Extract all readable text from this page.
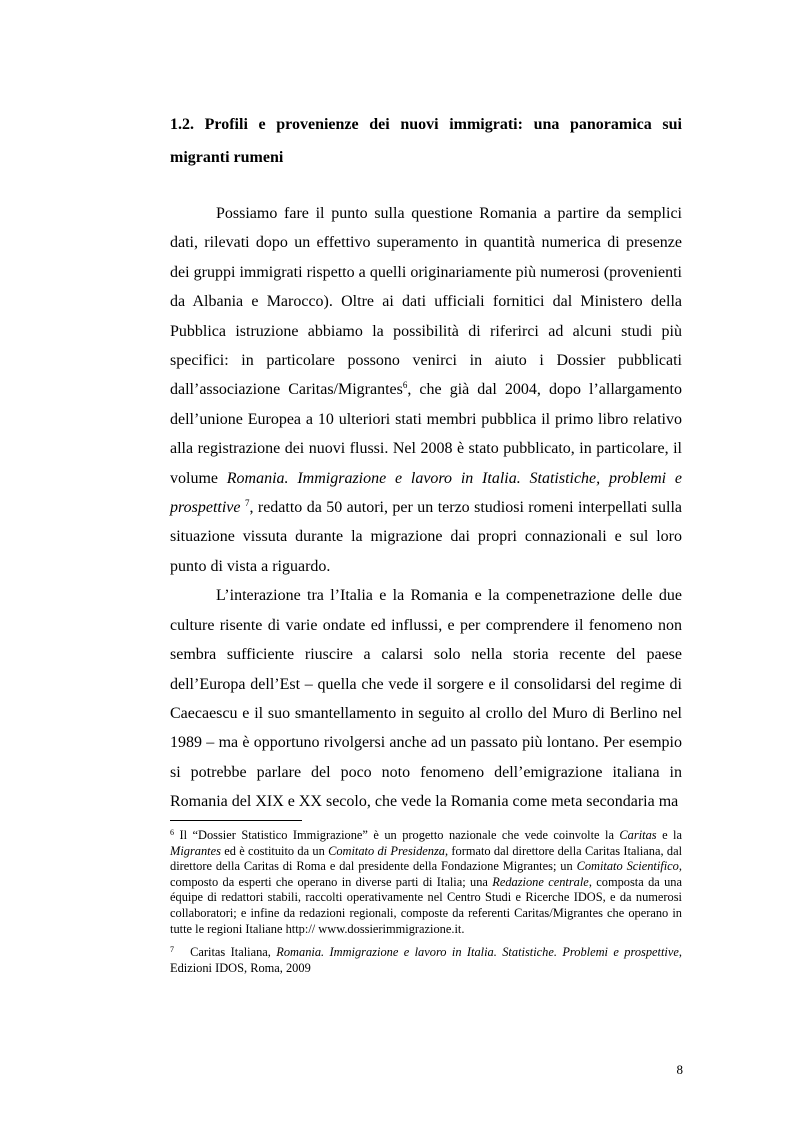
1.2. Profili e provenienze dei nuovi immigrati: una panoramica sui
migranti rumeni

Possiamo fare il punto sulla questione Romania a partire da semplici dati, rilevati dopo un effettivo superamento in quantità numerica di presenze dei gruppi immigrati rispetto a quelli originariamente più numerosi (provenienti da Albania e Marocco). Oltre ai dati ufficiali fornitici dal Ministero della Pubblica istruzione abbiamo la possibilità di riferirci ad alcuni studi più specifici: in particolare possono venirci in aiuto i Dossier pubblicati dall’associazione Caritas/Migrantes$^6$, che già dal 2004, dopo l’allargamento dell’unione Europea a 10 ulteriori stati membri pubblica il primo libro relativo alla registrazione dei nuovi flussi. Nel 2008 è stato pubblicato, in particolare, il volume Romania. Immigrazione e lavoro in Italia. Statistiche, problemi e prospettive $^7$, redatto da 50 autori, per un terzo studiosi romeni interpellati sulla situazione vissuta durante la migrazione dai propri connazionali e sul loro punto di vista a riguardo.

L’interazione tra l’Italia e la Romania e la compenetrazione delle due culture risente di varie ondate ed influssi, e per comprendere il fenomeno non sembra sufficiente riuscire a calarsi solo nella storia recente del paese dell’Europa dell’Est – quella che vede il sorgere e il consolidarsi del regime di Caecaescu e il suo smantellamento in seguito al crollo del Muro di Berlino nel 1989 – ma è opportuno rivolgersi anche ad un passato più lontano. Per esempio si potrebbe parlare del poco noto fenomeno dell’emigrazione italiana in Romania del XIX e XX secolo, che vede la Romania come meta secondaria ma

$^6$ Il “Dossier Statistico Immigrazione” è un progetto nazionale che vede coinvolte la Caritas e la Migrantes ed è costituito da un Comitato di Presidenza, formato dal direttore della Caritas Italiana, dal direttore della Caritas di Roma e dal presidente della Fondazione Migrantes; un Comitato Scientifico, composto da esperti che operano in diverse parti di Italia; una Redazione centrale, composta da una équipe di redattori stabili, raccolti operativamente nel Centro Studi e Ricerche IDOS, e da numerosi collaboratori; e infine da redazioni regionali, composte da referenti Caritas/Migrantes che operano in tutte le regioni Italiane http:// www.dossierimmigrazione.it.

$^7$   Caritas Italiana, Romania. Immigrazione e lavoro in Italia. Statistiche. Problemi e prospettive, Edizioni IDOS, Roma, 2009

8
